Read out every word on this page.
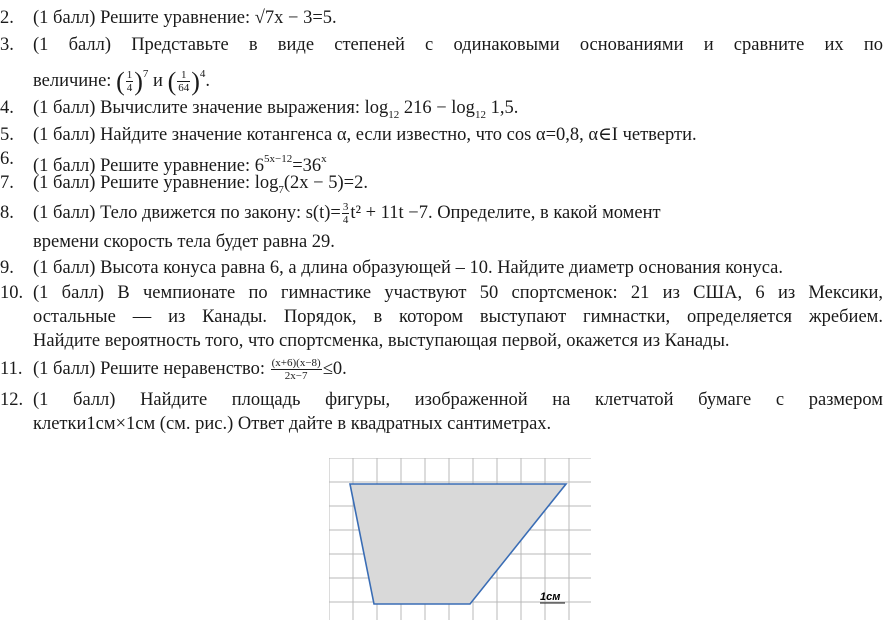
2.	(1 балл) Решите уравнение: √7x − 3=5.
3.	(1 балл) Представьте в виде степеней с одинаковыми основаниями и сравните их по
величине: ( $\frac{1}{4} )^7$ и ( $\frac{1}{64} )^4$.
4.	(1 балл) Вычислите значение выражения: $\log_{12} 216 - \log_{12} 1,5$.
5.	(1 балл) Найдите значение котангенса α, если известно, что cos α=0,8, α∈I четверти.
6.	(1 балл) Решите уравнение: $6^{5x-12}=36^x$
7.	(1 балл) Решите уравнение: $\log_7(2x - 5)=2$.
8.	(1 балл) Тело движется по закону: $s(t)= \frac{3}{4} t^2 + 11t -7$. Определите, в какой момент
времени скорость тела будет равна 29.
9.	(1 балл) Высота конуса равна 6, а длина образующей – 10. Найдите диаметр основания конуса.
10. (1 балл) В чемпионате по гимнастике участвуют 50 спортсменок: 21 из США, 6 из Мексики,
остальные — из Канады. Порядок, в котором выступают гимнастки, определяется жребием.
Найдите вероятность того, что спортсменка, выступающая первой, окажется из Канады.
11. (1 балл) Решите неравенство: $\frac{(x+6)(x-8)}{2x-7} \le 0$.
12. (1 балл) Найдите площадь фигуры, изображенной на клетчатой бумаге с размером
клетки1см×1см (см. рис.) Ответ дайте в квадратных сантиметрах.
1см
